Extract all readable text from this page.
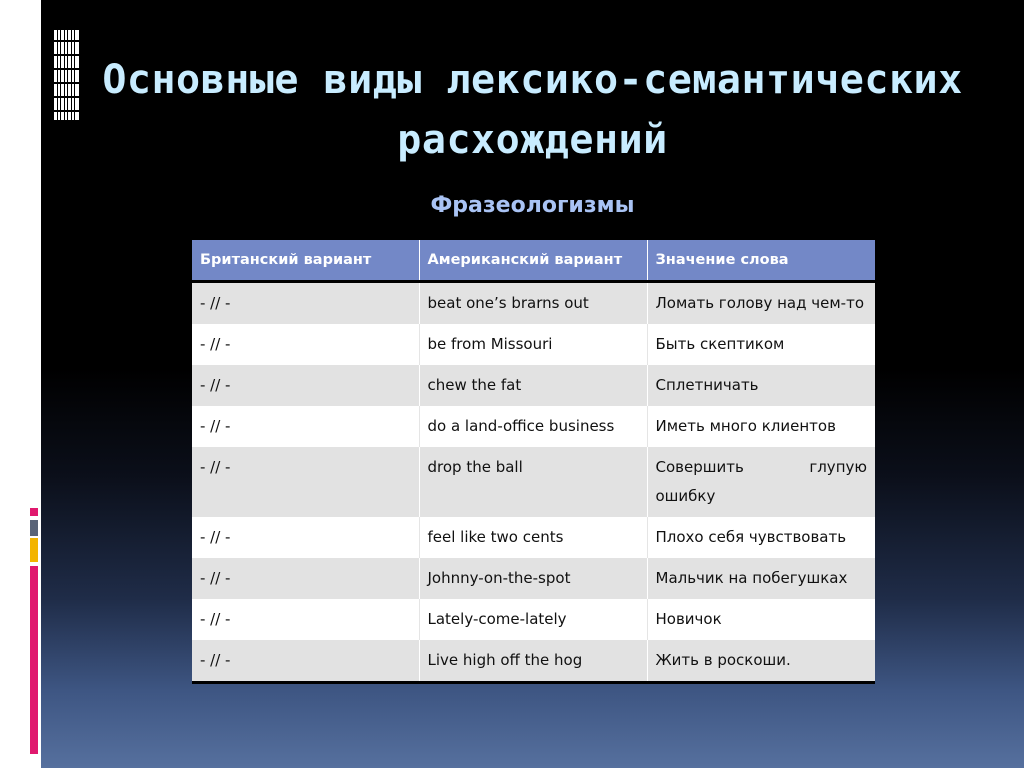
Основные виды лексико-семантических расхождений
Фразеологизмы
Британский вариант	Американский вариант	Значение слова
- // -	beat one’s brarns out	Ломать голову над чем-то
- // -	be from Missouri	Быть скептиком
- // -	chew the fat	Сплетничать
- // -	do a land-office business	Иметь много клиентов
- // -	drop the ball	Совершить глупую ошибку
- // -	feel like two cents	Плохо себя чувствовать
- // -	Johnny-on-the-spot	Мальчик на побегушках
- // -	Lately-come-lately	Новичок
- // -	Live high off the hog	Жить в роскоши.
